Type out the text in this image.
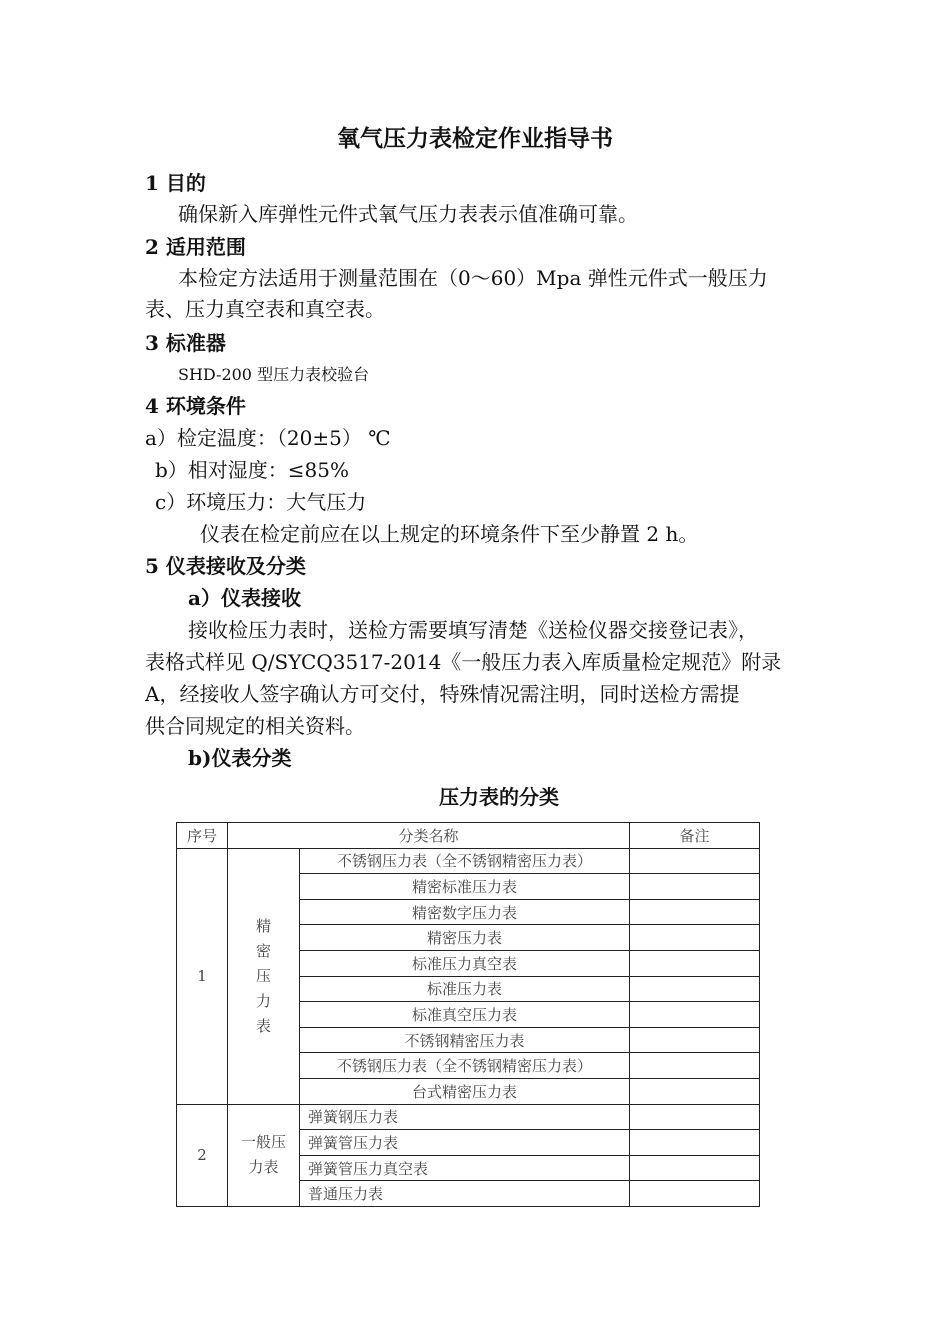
氧气压力表检定作业指导书
1 目的
确保新入库弹性元件式氧气压力表表示值准确可靠。
2 适用范围
本检定方法适用于测量范围在（0～60）Mpa 弹性元件式一般压力
表、压力真空表和真空表。
3 标准器
SHD-200 型压力表校验台
4 环境条件
a）检定温度：（20±5） ℃
b）相对湿度：≤85%
c）环境压力：大气压力
仪表在检定前应在以上规定的环境条件下至少静置 2 h。
5 仪表接收及分类
a）仪表接收
接收检压力表时，送检方需要填写清楚《送检仪器交接登记表》，
表格式样见 Q/SYCQ3517-2014《一般压力表入库质量检定规范》附录
A，经接收人签字确认方可交付，特殊情况需注明，同时送检方需提
供合同规定的相关资料。
b)仪表分类
压力表的分类
序号	分类名称		备注
1	精密压力表	不锈钢压力表（全不锈钢精密压力表）	
		精密标准压力表	
		精密数字压力表	
		精密压力表	
		标准压力真空表	
		标准压力表	
		标准真空压力表	
		不锈钢精密压力表	
		不锈钢压力表（全不锈钢精密压力表）	
		台式精密压力表	
2	一般压力表	弹簧钢压力表	
		弹簧管压力表	
		弹簧管压力真空表	
		普通压力表	
